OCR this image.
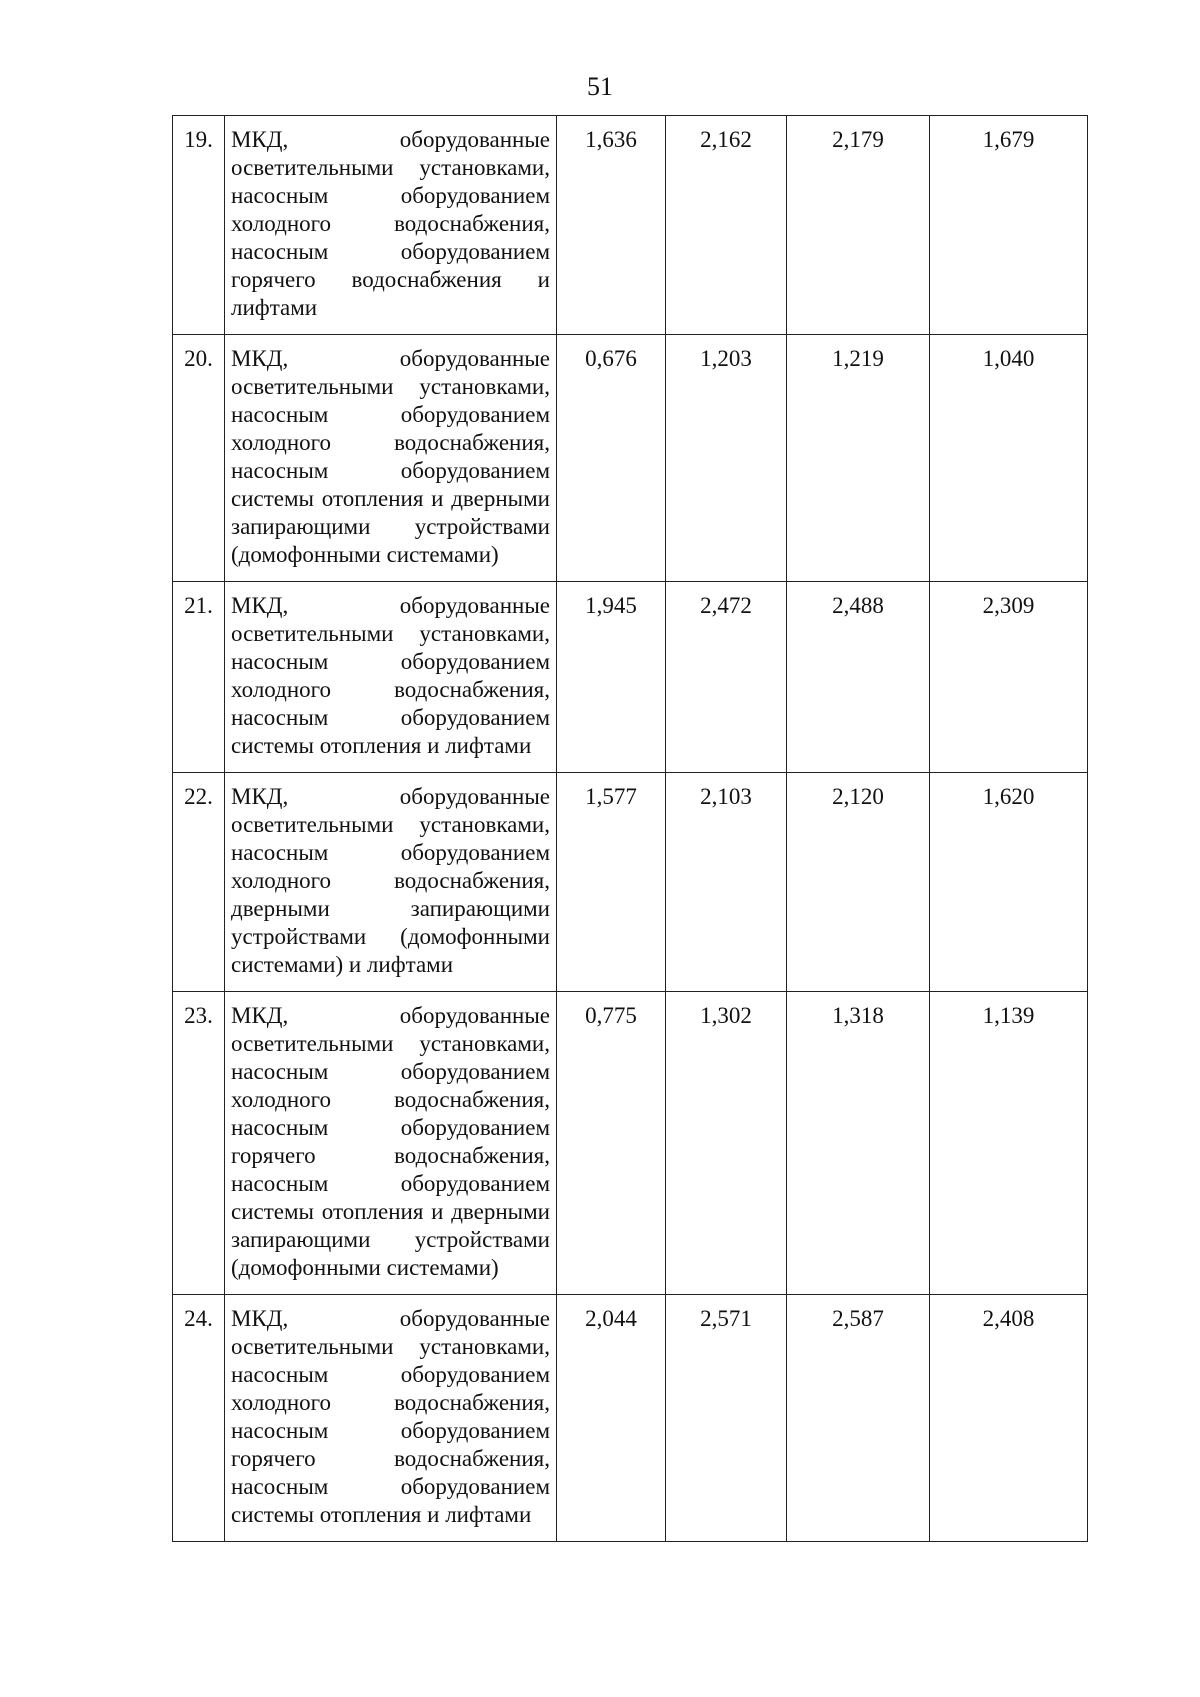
51
19.	МКД, оборудованные осветительными установками, насосным оборудованием холодного водоснабжения, насосным оборудованием горячего водоснабжения и лифтами	1,636	2,162	2,179	1,679
20.	МКД, оборудованные осветительными установками, насосным оборудованием холодного водоснабжения, насосным оборудованием системы отопления и дверными запирающими устройствами (домофонными системами)	0,676	1,203	1,219	1,040
21.	МКД, оборудованные осветительными установками, насосным оборудованием холодного водоснабжения, насосным оборудованием системы отопления и лифтами	1,945	2,472	2,488	2,309
22.	МКД, оборудованные осветительными установками, насосным оборудованием холодного водоснабжения, дверными запирающими устройствами (домофонными системами) и лифтами	1,577	2,103	2,120	1,620
23.	МКД, оборудованные осветительными установками, насосным оборудованием холодного водоснабжения, насосным оборудованием горячего водоснабжения, насосным оборудованием системы отопления и дверными запирающими устройствами (домофонными системами)	0,775	1,302	1,318	1,139
24.	МКД, оборудованные осветительными установками, насосным оборудованием холодного водоснабжения, насосным оборудованием горячего водоснабжения, насосным оборудованием системы отопления и лифтами	2,044	2,571	2,587	2,408
